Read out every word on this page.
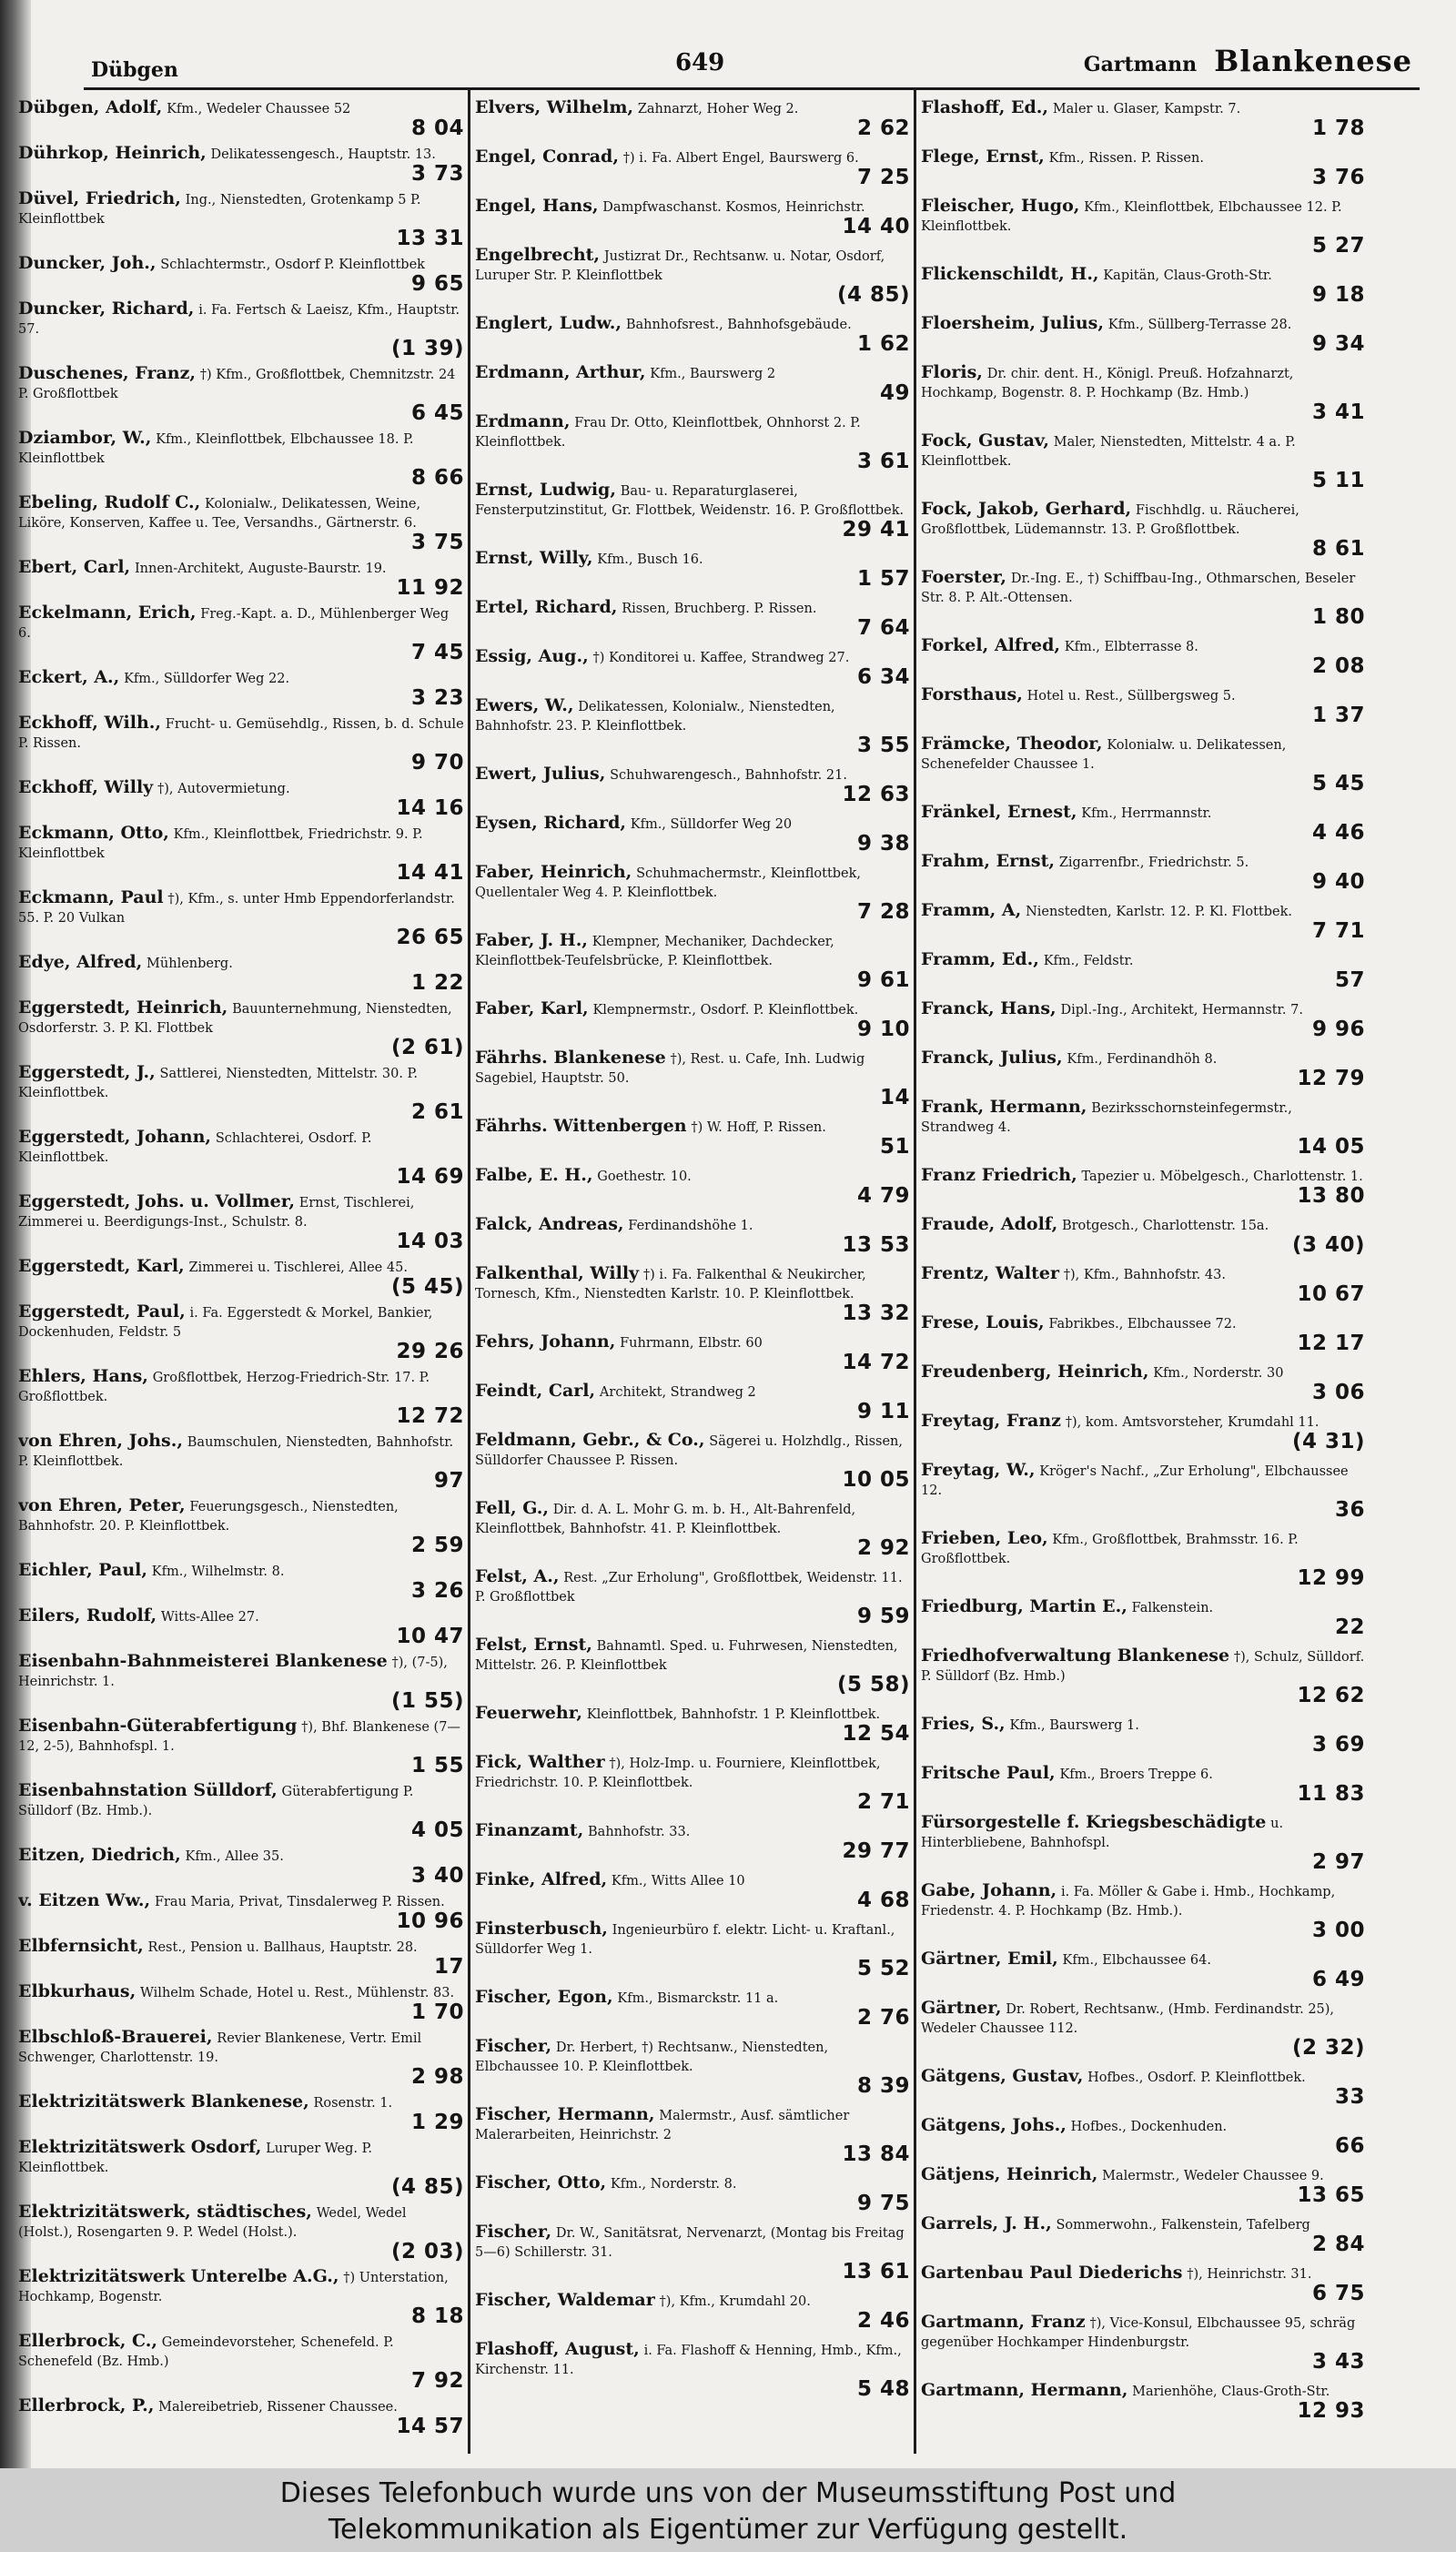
Dübgen	649	Gartmann Blankenese
Dübgen, Adolf, Kfm., Wedeler Chaussee 52
8 04
Dührkop, Heinrich, Delikatessengesch., Hauptstr. 13.
3 73
Düvel, Friedrich, Ing., Nienstedten, Grotenkamp 5 P. Kleinflottbek
13 31
Duncker, Joh., Schlachtermstr., Osdorf P. Kleinflottbek
9 65
Duncker, Richard, i. Fa. Fertsch & Laeisz, Kfm., Hauptstr. 57.
(1 39)
Duschenes, Franz, †) Kfm., Großflottbek, Chemnitzstr. 24 P. Großflottbek
6 45
Dziambor, W., Kfm., Kleinflottbek, Elbchaussee 18. P. Kleinflottbek
8 66
Ebeling, Rudolf C., Kolonialw., Delikatessen, Weine, Liköre, Konserven, Kaffee u. Tee, Versandhs., Gärtnerstr. 6.
3 75
Ebert, Carl, Innen-Architekt, Auguste-Baurstr. 19.
11 92
Eckelmann, Erich, Freg.-Kapt. a. D., Mühlenberger Weg 6.
7 45
Eckert, A., Kfm., Sülldorfer Weg 22.
3 23
Eckhoff, Wilh., Frucht- u. Gemüsehdlg., Rissen, b. d. Schule P. Rissen.
9 70
Eckhoff, Willy †), Autovermietung.
14 16
Eckmann, Otto, Kfm., Kleinflottbek, Friedrichstr. 9. P. Kleinflottbek
14 41
Eckmann, Paul †), Kfm., s. unter Hmb Eppendorferlandstr. 55. P. 20 Vulkan
26 65
Edye, Alfred, Mühlenberg.
1 22
Eggerstedt, Heinrich, Bauunternehmung, Nienstedten, Osdorferstr. 3. P. Kl. Flottbek
(2 61)
Eggerstedt, J., Sattlerei, Nienstedten, Mittelstr. 30. P. Kleinflottbek.
2 61
Eggerstedt, Johann, Schlachterei, Osdorf. P. Kleinflottbek.
14 69
Eggerstedt, Johs. u. Vollmer, Ernst, Tischlerei, Zimmerei u. Beerdigungs-Inst., Schulstr. 8.
14 03
Eggerstedt, Karl, Zimmerei u. Tischlerei, Allee 45.
(5 45)
Eggerstedt, Paul, i. Fa. Eggerstedt & Morkel, Bankier, Dockenhuden, Feldstr. 5
29 26
Ehlers, Hans, Großflottbek, Herzog-Friedrich-Str. 17. P. Großflottbek.
12 72
von Ehren, Johs., Baumschulen, Nienstedten, Bahnhofstr. P. Kleinflottbek.
97
von Ehren, Peter, Feuerungsgesch., Nienstedten, Bahnhofstr. 20. P. Kleinflottbek.
2 59
Eichler, Paul, Kfm., Wilhelmstr. 8.
3 26
Eilers, Rudolf, Witts-Allee 27.
10 47
Eisenbahn-Bahnmeisterei Blankenese †), (7-5), Heinrichstr. 1.
(1 55)
Eisenbahn-Güterabfertigung †), Bhf. Blankenese (7—12, 2-5), Bahnhofspl. 1.
1 55
Eisenbahnstation Sülldorf, Güterabfertigung P. Sülldorf (Bz. Hmb.).
4 05
Eitzen, Diedrich, Kfm., Allee 35.
3 40
v. Eitzen Ww., Frau Maria, Privat, Tinsdalerweg P. Rissen.
10 96
Elbfernsicht, Rest., Pension u. Ballhaus, Hauptstr. 28.
17
Elbkurhaus, Wilhelm Schade, Hotel u. Rest., Mühlenstr. 83.
1 70
Elbschloß-Brauerei, Revier Blankenese, Vertr. Emil Schwenger, Charlottenstr. 19.
2 98
Elektrizitätswerk Blankenese, Rosenstr. 1.
1 29
Elektrizitätswerk Osdorf, Luruper Weg. P. Kleinflottbek.
(4 85)
Elektrizitätswerk, städtisches, Wedel, Wedel (Holst.), Rosengarten 9. P. Wedel (Holst.).
(2 03)
Elektrizitätswerk Unterelbe A.G., †) Unterstation, Hochkamp, Bogenstr.
8 18
Ellerbrock, C., Gemeindevorsteher, Schenefeld. P. Schenefeld (Bz. Hmb.)
7 92
Ellerbrock, P., Malereibetrieb, Rissener Chaussee.
14 57
Elvers, Wilhelm, Zahnarzt, Hoher Weg 2.
2 62
Engel, Conrad, †) i. Fa. Albert Engel, Baurswerg 6.
7 25
Engel, Hans, Dampfwaschanst. Kosmos, Heinrichstr.
14 40
Engelbrecht, Justizrat Dr., Rechtsanw. u. Notar, Osdorf, Luruper Str. P. Kleinflottbek
(4 85)
Englert, Ludw., Bahnhofsrest., Bahnhofsgebäude.
1 62
Erdmann, Arthur, Kfm., Baurswerg 2
49
Erdmann, Frau Dr. Otto, Kleinflottbek, Ohnhorst 2. P. Kleinflottbek.
3 61
Ernst, Ludwig, Bau- u. Reparaturglaserei, Fensterputzinstitut, Gr. Flottbek, Weidenstr. 16. P. Großflottbek.
29 41
Ernst, Willy, Kfm., Busch 16.
1 57
Ertel, Richard, Rissen, Bruchberg. P. Rissen.
7 64
Essig, Aug., †) Konditorei u. Kaffee, Strandweg 27.
6 34
Ewers, W., Delikatessen, Kolonialw., Nienstedten, Bahnhofstr. 23. P. Kleinflottbek.
3 55
Ewert, Julius, Schuhwarengesch., Bahnhofstr. 21.
12 63
Eysen, Richard, Kfm., Sülldorfer Weg 20
9 38
Faber, Heinrich, Schuhmachermstr., Kleinflottbek, Quellentaler Weg 4. P. Kleinflottbek.
7 28
Faber, J. H., Klempner, Mechaniker, Dachdecker, Kleinflottbek-Teufelsbrücke, P. Kleinflottbek.
9 61
Faber, Karl, Klempnermstr., Osdorf. P. Kleinflottbek.
9 10
Fährhs. Blankenese †), Rest. u. Cafe, Inh. Ludwig Sagebiel, Hauptstr. 50.
14
Fährhs. Wittenbergen †) W. Hoff, P. Rissen.
51
Falbe, E. H., Goethestr. 10.
4 79
Falck, Andreas, Ferdinandshöhe 1.
13 53
Falkenthal, Willy †) i. Fa. Falkenthal & Neukircher, Tornesch, Kfm., Nienstedten Karlstr. 10. P. Kleinflottbek.
13 32
Fehrs, Johann, Fuhrmann, Elbstr. 60
14 72
Feindt, Carl, Architekt, Strandweg 2
9 11
Feldmann, Gebr., & Co., Sägerei u. Holzhdlg., Rissen, Sülldorfer Chaussee P. Rissen.
10 05
Fell, G., Dir. d. A. L. Mohr G. m. b. H., Alt-Bahrenfeld, Kleinflottbek, Bahnhofstr. 41. P. Kleinflottbek.
2 92
Felst, A., Rest. „Zur Erholung", Großflottbek, Weidenstr. 11. P. Großflottbek
9 59
Felst, Ernst, Bahnamtl. Sped. u. Fuhrwesen, Nienstedten, Mittelstr. 26. P. Kleinflottbek
(5 58)
Feuerwehr, Kleinflottbek, Bahnhofstr. 1 P. Kleinflottbek.
12 54
Fick, Walther †), Holz-Imp. u. Fourniere, Kleinflottbek, Friedrichstr. 10. P. Kleinflottbek.
2 71
Finanzamt, Bahnhofstr. 33.
29 77
Finke, Alfred, Kfm., Witts Allee 10
4 68
Finsterbusch, Ingenieurbüro f. elektr. Licht- u. Kraftanl., Sülldorfer Weg 1.
5 52
Fischer, Egon, Kfm., Bismarckstr. 11 a.
2 76
Fischer, Dr. Herbert, †) Rechtsanw., Nienstedten, Elbchaussee 10. P. Kleinflottbek.
8 39
Fischer, Hermann, Malermstr., Ausf. sämtlicher Malerarbeiten, Heinrichstr. 2
13 84
Fischer, Otto, Kfm., Norderstr. 8.
9 75
Fischer, Dr. W., Sanitätsrat, Nervenarzt, (Montag bis Freitag 5—6) Schillerstr. 31.
13 61
Fischer, Waldemar †), Kfm., Krumdahl 20.
2 46
Flashoff, August, i. Fa. Flashoff & Henning, Hmb., Kfm., Kirchenstr. 11.
5 48
Flashoff, Ed., Maler u. Glaser, Kampstr. 7.
1 78
Flege, Ernst, Kfm., Rissen. P. Rissen.
3 76
Fleischer, Hugo, Kfm., Kleinflottbek, Elbchaussee 12. P. Kleinflottbek.
5 27
Flickenschildt, H., Kapitän, Claus-Groth-Str.
9 18
Floersheim, Julius, Kfm., Süllberg-Terrasse 28.
9 34
Floris, Dr. chir. dent. H., Königl. Preuß. Hofzahnarzt, Hochkamp, Bogenstr. 8. P. Hochkamp (Bz. Hmb.)
3 41
Fock, Gustav, Maler, Nienstedten, Mittelstr. 4 a. P. Kleinflottbek.
5 11
Fock, Jakob, Gerhard, Fischhdlg. u. Räucherei, Großflottbek, Lüdemannstr. 13. P. Großflottbek.
8 61
Foerster, Dr.-Ing. E., †) Schiffbau-Ing., Othmarschen, Beseler Str. 8. P. Alt.-Ottensen.
1 80
Forkel, Alfred, Kfm., Elbterrasse 8.
2 08
Forsthaus, Hotel u. Rest., Süllbergsweg 5.
1 37
Främcke, Theodor, Kolonialw. u. Delikatessen, Schenefelder Chaussee 1.
5 45
Fränkel, Ernest, Kfm., Herrmannstr.
4 46
Frahm, Ernst, Zigarrenfbr., Friedrichstr. 5.
9 40
Framm, A, Nienstedten, Karlstr. 12. P. Kl. Flottbek.
7 71
Framm, Ed., Kfm., Feldstr.
57
Franck, Hans, Dipl.-Ing., Architekt, Hermannstr. 7.
9 96
Franck, Julius, Kfm., Ferdinandhöh 8.
12 79
Frank, Hermann, Bezirksschornsteinfegermstr., Strandweg 4.
14 05
Franz Friedrich, Tapezier u. Möbelgesch., Charlottenstr. 1.
13 80
Fraude, Adolf, Brotgesch., Charlottenstr. 15a.
(3 40)
Frentz, Walter †), Kfm., Bahnhofstr. 43.
10 67
Frese, Louis, Fabrikbes., Elbchaussee 72.
12 17
Freudenberg, Heinrich, Kfm., Norderstr. 30
3 06
Freytag, Franz †), kom. Amtsvorsteher, Krumdahl 11.
(4 31)
Freytag, W., Kröger's Nachf., „Zur Erholung", Elbchaussee 12.
36
Frieben, Leo, Kfm., Großflottbek, Brahmsstr. 16. P. Großflottbek.
12 99
Friedburg, Martin E., Falkenstein.
22
Friedhofverwaltung Blankenese †), Schulz, Sülldorf. P. Sülldorf (Bz. Hmb.)
12 62
Fries, S., Kfm., Baurswerg 1.
3 69
Fritsche Paul, Kfm., Broers Treppe 6.
11 83
Fürsorgestelle f. Kriegsbeschädigte u. Hinterbliebene, Bahnhofspl.
2 97
Gabe, Johann, i. Fa. Möller & Gabe i. Hmb., Hochkamp, Friedenstr. 4. P. Hochkamp (Bz. Hmb.).
3 00
Gärtner, Emil, Kfm., Elbchaussee 64.
6 49
Gärtner, Dr. Robert, Rechtsanw., (Hmb. Ferdinandstr. 25), Wedeler Chaussee 112.
(2 32)
Gätgens, Gustav, Hofbes., Osdorf. P. Kleinflottbek.
33
Gätgens, Johs., Hofbes., Dockenhuden.
66
Gätjens, Heinrich, Malermstr., Wedeler Chaussee 9.
13 65
Garrels, J. H., Sommerwohn., Falkenstein, Tafelberg
2 84
Gartenbau Paul Diederichs †), Heinrichstr. 31.
6 75
Gartmann, Franz †), Vice-Konsul, Elbchaussee 95, schräg gegenüber Hochkamper Hindenburgstr.
3 43
Gartmann, Hermann, Marienhöhe, Claus-Groth-Str.
12 93
Dieses Telefonbuch wurde uns von der Museumsstiftung Post und
Telekommunikation als Eigentümer zur Verfügung gestellt.
